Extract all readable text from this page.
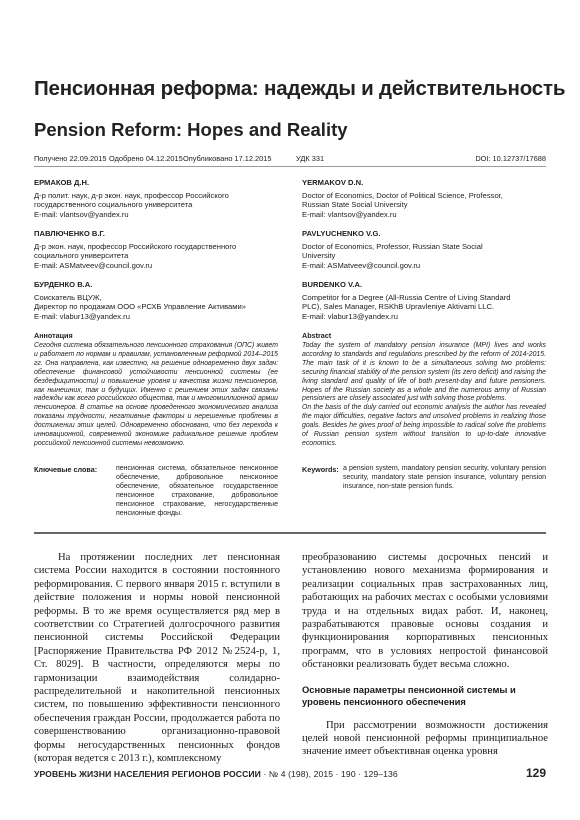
Пенсионная реформа: надежды и действительность
Pension Reform: Hopes and Reality
Получено 22.09.2015 Одобрено 04.12.2015 Опубликовано 17.12.2015	УДК 331	DOI: 10.12737/17688
ЕРМАКОВ Д.Н.
Д-р полит. наук, д-р экон. наук, профессор Российского
государственного социального университета
E-mail: vlantsov@yandex.ru
ПАВЛЮЧЕНКО В.Г.
Д-р экон. наук, профессор Российского государственного
социального университета
E-mail: ASMatveev@council.gov.ru
БУРДЕНКО В.А.
Соискатель ВЦУЖ,
Директор по продажам ООО «РСХБ Управление Активами»
E-mail: vlabur13@yandex.ru
Аннотация
Сегодня система обязательного пенсионного страхования (ОПС) живет и работает по нормам и правилам, установленным реформой 2014–2015 гг. Она направлена, как известно, на решение одновременно двух задач: обеспечение финансовой устойчивости пенсионной системы (ее бездефицитности) и повышение уровня и качества жизни пенсионеров, как нынешних, так и будущих. Именно с решением этих задач связаны надежды как всего российского общества, так и многомиллионной армии пенсионеров. В статье на основе проведенного экономического анализа показаны трудности, негативные факторы и нерешенные проблемы в достижении этих целей. Одновременно обосновано, что без перехода к инновационной, современной экономике радикальное решение проблем российской пенсионной системы невозможно.
Ключевые слова:	пенсионная система, обязательное пенсионное обеспечение, добровольное пенсионное обеспечение, обязательное государственное пенсионное страхование, добровольное пенсионное страхование, негосударственные пенсионные фонды.
YERMAKOV D.N.
Doctor of Economics, Doctor of Political Science, Professor,
Russian State Social University
E-mail: vlantsov@yandex.ru
PAVLYUCHENKO V.G.
Doctor of Economics, Professor, Russian State Social
University
E-mail: ASMatveev@council.gov.ru
BURDENKO V.A.
Competitor for a Degree (All-Russia Centre of Living Standard
PLC), Sales Manager, RSKhB Upravleniye Aktivami LLC.
E-mail: vlabur13@yandex.ru
Abstract
Today the system of mandatory pension insurance (MPI) lives and works according to standards and regulations prescribed by the reform of 2014-2015. The main task of it is known to be a simultaneous solving two problems: securing financial stability of the pension system (its zero deficit) and raising the living standard and quality of life of both present-day and future pensioners. Hopes of the Russian society as a whole and the numerous army of Russian pensioners are closely associated just with solving those problems.
On the basis of the duly carried out economic analysis the author has revealed the major difficulties, negative factors and unsolved problems in realizing those goals. Besides he gives proof of being impossible to radical solve the problems of Russian pension system without transition to up-to-date innovative economics.
Keywords: a pension system, mandatory pension security, voluntary pension security, mandatory state pension insurance, voluntary pension insurance, non-state pension funds.

На протяжении последних лет пенсионная система России находится в состоянии постоянного реформирования. С первого января 2015 г. вступили в действие положения и нормы новой пенсионной реформы. В то же время осуществляется ряд мер в соответствии со Стратегией долгосрочного развития пенсионной системы Российской Федерации [Распоряжение Правительства РФ 2012 №2524-р, 1, Ст. 8029]. В частности, определяются меры по гармонизации взаимодействия солидарно-распределительной и накопительной пенсионных систем, по повышению эффективности пенсионного обеспечения граждан России, продолжается работа по совершенствованию организационно-правовой формы негосударственных пенсионных фондов (которая ведется с 2013 г.), комплексному

преобразованию системы досрочных пенсий и установлению нового механизма формирования и реализации социальных прав застрахованных лиц, работающих на рабочих местах с особыми условиями труда и на отдельных видах работ. И, наконец, разрабатываются правовые основы создания и функционирования корпоративных пенсионных программ, что в условиях непростой финансовой обстановки реализовать будет весьма сложно.

Основные параметры пенсионной системы и уровень пенсионного обеспечения

При рассмотрении возможности достижения целей новой пенсионной реформы принципиальное значение имеет объективная оценка уровня

УРОВЕНЬ ЖИЗНИ НАСЕЛЕНИЯ РЕГИОНОВ РОССИИ · № 4 (198), 2015 · 190 · 129–136	129
